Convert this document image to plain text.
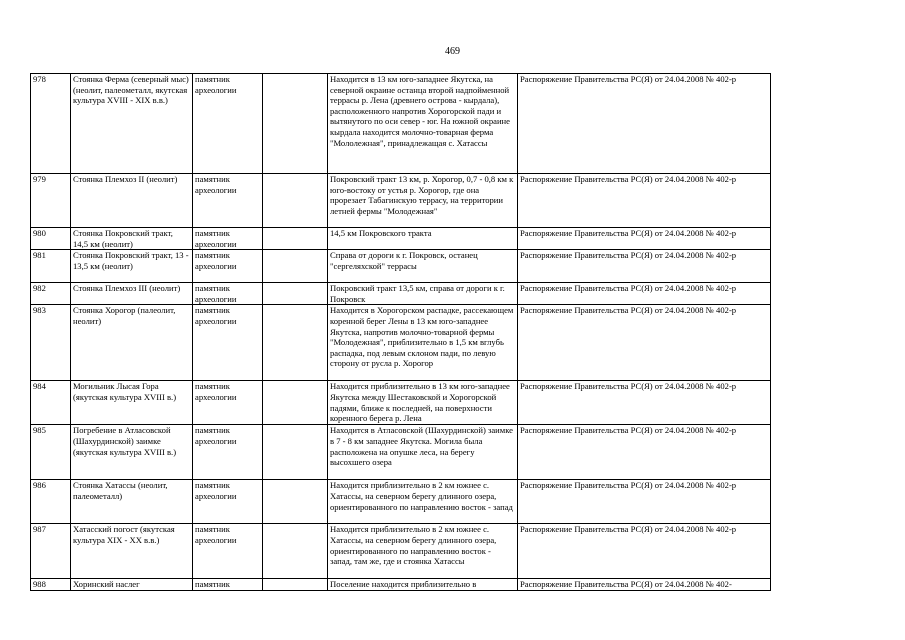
469
978	Стоянка Ферма (северный мыс) (неолит, палеометалл, якутская культура XVIII - XIX в.в.)	памятник археологии		Находится в 13 км юго-западнее Якутска, на северной окраине останца второй надпойменной террасы р. Лена (древнего острова - кырдала), расположенного напротив Хорогорской пади и вытянутого по оси север - юг. На южной окраине кырдала находится молочно-товарная ферма "Мололежная", принадлежащая с. Хатассы	Распоряжение Правительства РС(Я) от 24.04.2008 № 402-р
979	Стоянка Племхоз II (неолит)	памятник археологии		Покровский тракт 13 км, р. Хорогор, 0,7 - 0,8 км к юго-востоку от устья р. Хорогор, где она прорезает Табагинскую террасу, на территории летней фермы "Молодежная"	Распоряжение Правительства РС(Я) от 24.04.2008 № 402-р
980	Стоянка Покровский тракт, 14,5 км (неолит)	памятник археологии		14,5 км Покровского тракта	Распоряжение Правительства РС(Я) от 24.04.2008 № 402-р
981	Стоянка Покровский тракт, 13 - 13,5 км (неолит)	памятник археологии		Справа от дороги к г. Покровск, останец "сергеляхской" террасы	Распоряжение Правительства РС(Я) от 24.04.2008 № 402-р
982	Стоянка Племхоз III (неолит)	памятник археологии		Покровский тракт 13,5 км, справа от дороги к г. Покровск	Распоряжение Правительства РС(Я) от 24.04.2008 № 402-р
983	Стоянка Хорогор (палеолит, неолит)	памятник археологии		Находится в Хорогорском распадке, рассекающем коренной берег Лены в 13 км юго-западнее Якутска, напротив молочно-товарной фермы "Молодежная", приблизительно в 1,5 км вглубь распадка, под левым склоном пади, по левую сторону от русла р. Хорогор	Распоряжение Правительства РС(Я) от 24.04.2008 № 402-р
984	Могильник Лысая Гора (якутская культура XVIII в.)	памятник археологии		Находится приблизительно в 13 км юго-западнее Якутска между Шестаковской и Хорогорской падями, ближе к последней, на поверхности коренного берега р. Лена	Распоряжение Правительства РС(Я) от 24.04.2008 № 402-р
985	Погребение в Атласовской (Шахурдинской) заимке (якутская культура XVIII в.)	памятник археологии		Находится в Атласовской (Шахурдинской) заимке в 7 - 8 км западнее Якутска. Могила была расположена на опушке леса, на берегу высохшего озера	Распоряжение Правительства РС(Я) от 24.04.2008 № 402-р
986	Стоянка Хатассы (неолит, палеометалл)	памятник археологии		Находится приблизительно в 2 км южнее с. Хатассы, на северном берегу длинного озера, ориентированного по направлению восток - запад	Распоряжение Правительства РС(Я) от 24.04.2008 № 402-р
987	Хатасский погост (якутская культура XIX - XX в.в.)	памятник археологии		Находится приблизительно в 2 км южнее с. Хатассы, на северном берегу длинного озера, ориентированного по направлению восток - запад, там же, где и стоянка Хатассы	Распоряжение Правительства РС(Я) от 24.04.2008 № 402-р
988	Хоринский наслег	памятник		Поселение находится приблизительно в	Распоряжение Правительства РС(Я) от 24.04.2008 № 402-
